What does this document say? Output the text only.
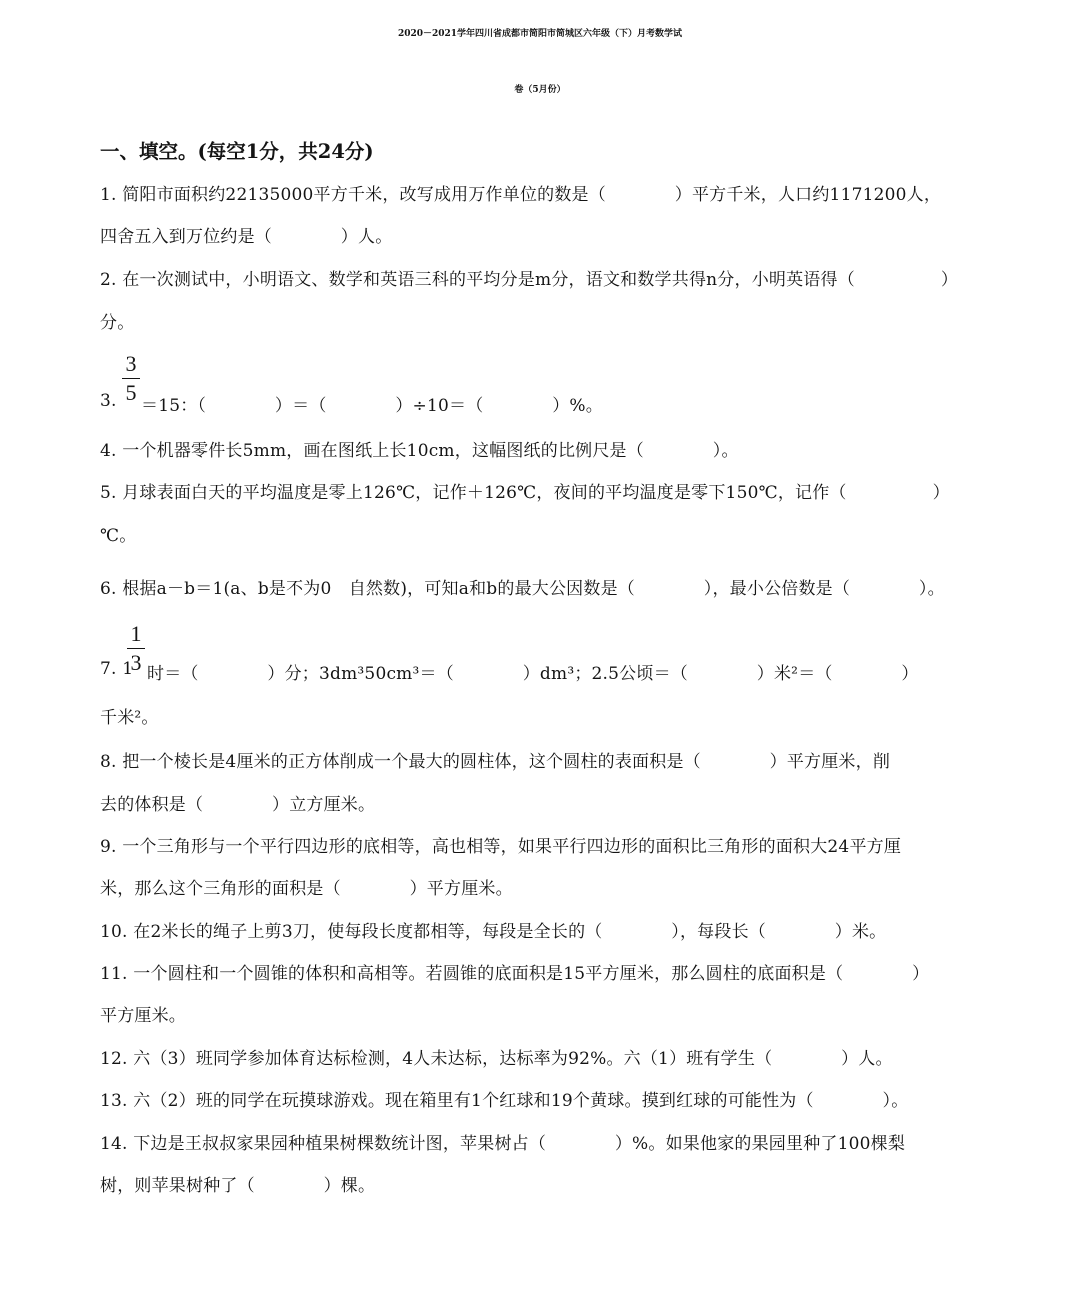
2020－2021学年四川省成都市简阳市简城区六年级（下）月考数学试
卷（5月份）
一、填空。(每空1分，共24分)
1. 简阳市面积约22135000平方千米，改写成用万作单位的数是（　　　　）平方千米，人口约1171200人，
四舍五入到万位约是（　　　　）人。
2. 在一次测试中，小明语文、数学和英语三科的平均分是m分，语文和数学共得n分，小明英语得（　　　　　）
分。
3.
3
5
＝15：（　　　　）＝（　　　　）÷10＝（　　　　）%。
4. 一个机器零件长5mm，画在图纸上长10cm，这幅图纸的比例尺是（　　　　）。
5. 月球表面白天的平均温度是零上126℃，记作＋126℃，夜间的平均温度是零下150℃，记作（　　　　　）
℃。
6. 根据a－b＝1(a、b是不为0　自然数)，可知a和b的最大公因数是（　　　　），最小公倍数是（　　　　）。
7. 1
1
3 时＝（　　　　）分；3dm³50cm³＝（　　　　）dm³；2.5公顷＝（　　　　）米²＝（　　　　）
千米²。
8. 把一个棱长是4厘米的正方体削成一个最大的圆柱体，这个圆柱的表面积是（　　　　）平方厘米，削
去的体积是（　　　　）立方厘米。
9. 一个三角形与一个平行四边形的底相等，高也相等，如果平行四边形的面积比三角形的面积大24平方厘
米，那么这个三角形的面积是（　　　　）平方厘米。
10. 在2米长的绳子上剪3刀，使每段长度都相等，每段是全长的（　　　　），每段长（　　　　）米。
11. 一个圆柱和一个圆锥的体积和高相等。若圆锥的底面积是15平方厘米，那么圆柱的底面积是（　　　　）
平方厘米。
12. 六（3）班同学参加体育达标检测，4人未达标，达标率为92%。六（1）班有学生（　　　　）人。
13. 六（2）班的同学在玩摸球游戏。现在箱里有1个红球和19个黄球。摸到红球的可能性为（　　　　）。
14. 下边是王叔叔家果园种植果树棵数统计图，苹果树占（　　　　）%。如果他家的果园里种了100棵梨
树，则苹果树种了（　　　　）棵。
